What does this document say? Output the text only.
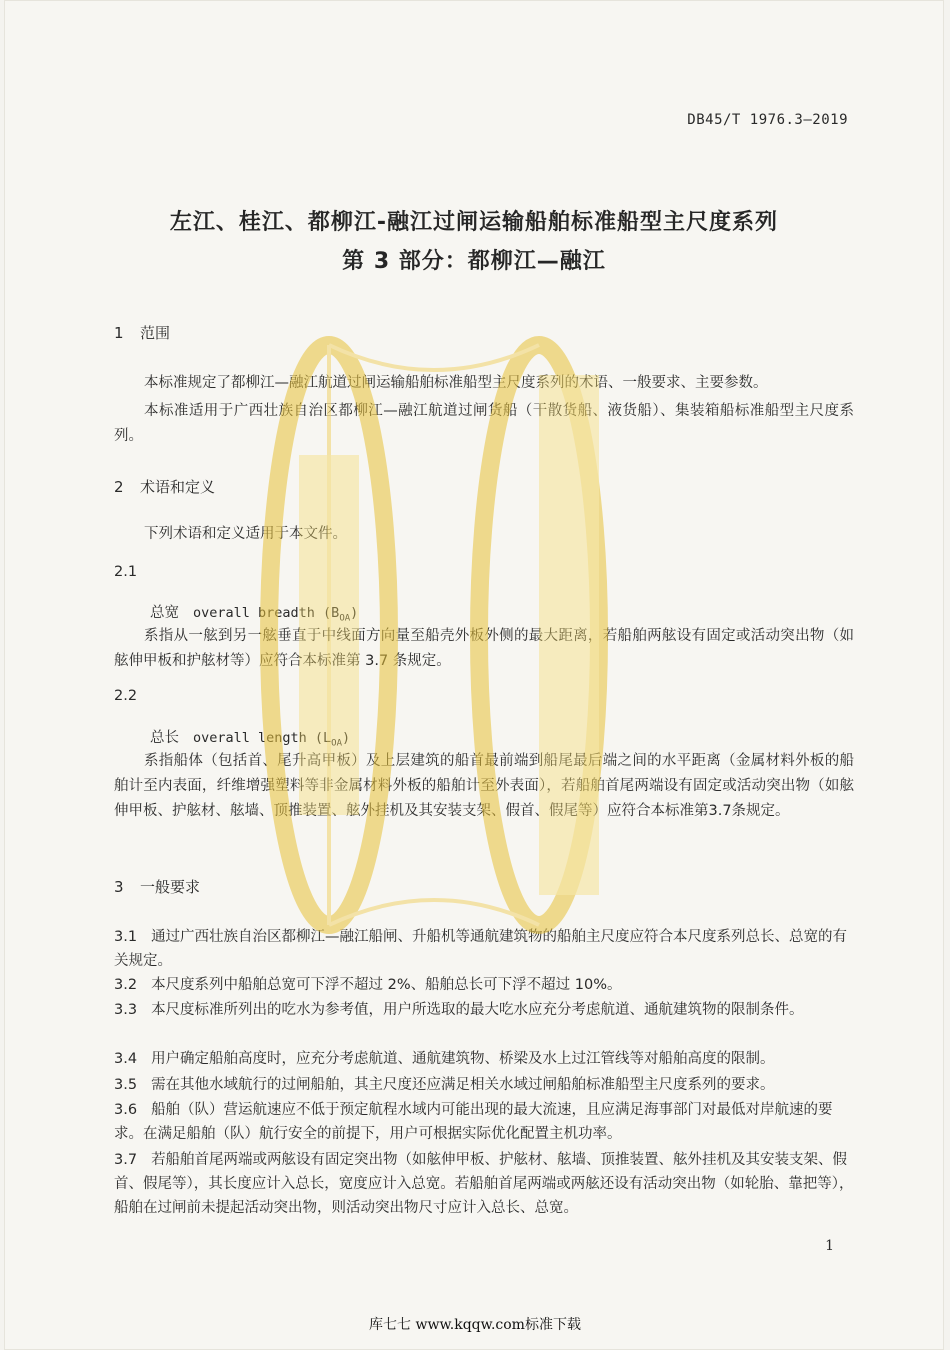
DB45/T 1976.3—2019
左江、桂江、都柳江-融江过闸运输船舶标准船型主尺度系列
第 3 部分：都柳江—融江
1 范围
本标准规定了都柳江—融江航道过闸运输船舶标准船型主尺度系列的术语、一般要求、主要参数。
本标准适用于广西壮族自治区都柳江—融江航道过闸货船（干散货船、液货船）、集装箱船标准船型主尺度系列。
2 术语和定义
下列术语和定义适用于本文件。
2.1
总宽 overall breadth $(B_{OA})$
系指从一舷到另一舷垂直于中线面方向量至船壳外板外侧的最大距离，若船舶两舷设有固定或活动突出物（如舷伸甲板和护舷材等）应符合本标准第 3.7 条规定。
2.2
总长 overall length $(L_{OA})$
系指船体（包括首、尾升高甲板）及上层建筑的船首最前端到船尾最后端之间的水平距离（金属材料外板的船舶计至内表面，纤维增强塑料等非金属材料外板的船舶计至外表面），若船舶首尾两端设有固定或活动突出物（如舷伸甲板、护舷材、舷墙、顶推装置、舷外挂机及其安装支架、假首、假尾等）应符合本标准第3.7条规定。
3 一般要求
3.1 通过广西壮族自治区都柳江—融江船闸、升船机等通航建筑物的船舶主尺度应符合本尺度系列总长、总宽的有关规定。
3.2 本尺度系列中船舶总宽可下浮不超过 2%、船舶总长可下浮不超过 10%。
3.3 本尺度标准所列出的吃水为参考值，用户所选取的最大吃水应充分考虑航道、通航建筑物的限制条件。
3.4 用户确定船舶高度时，应充分考虑航道、通航建筑物、桥梁及水上过江管线等对船舶高度的限制。
3.5 需在其他水域航行的过闸船舶，其主尺度还应满足相关水域过闸船舶标准船型主尺度系列的要求。
3.6 船舶（队）营运航速应不低于预定航程水域内可能出现的最大流速，且应满足海事部门对最低对岸航速的要求。在满足船舶（队）航行安全的前提下，用户可根据实际优化配置主机功率。
3.7 若船舶首尾两端或两舷设有固定突出物（如舷伸甲板、护舷材、舷墙、顶推装置、舷外挂机及其安装支架、假首、假尾等），其长度应计入总长，宽度应计入总宽。若船舶首尾两端或两舷还设有活动突出物（如轮胎、靠把等），船舶在过闸前未提起活动突出物，则活动突出物尺寸应计入总长、总宽。
1
库七七 www.kqqw.com标准下载
